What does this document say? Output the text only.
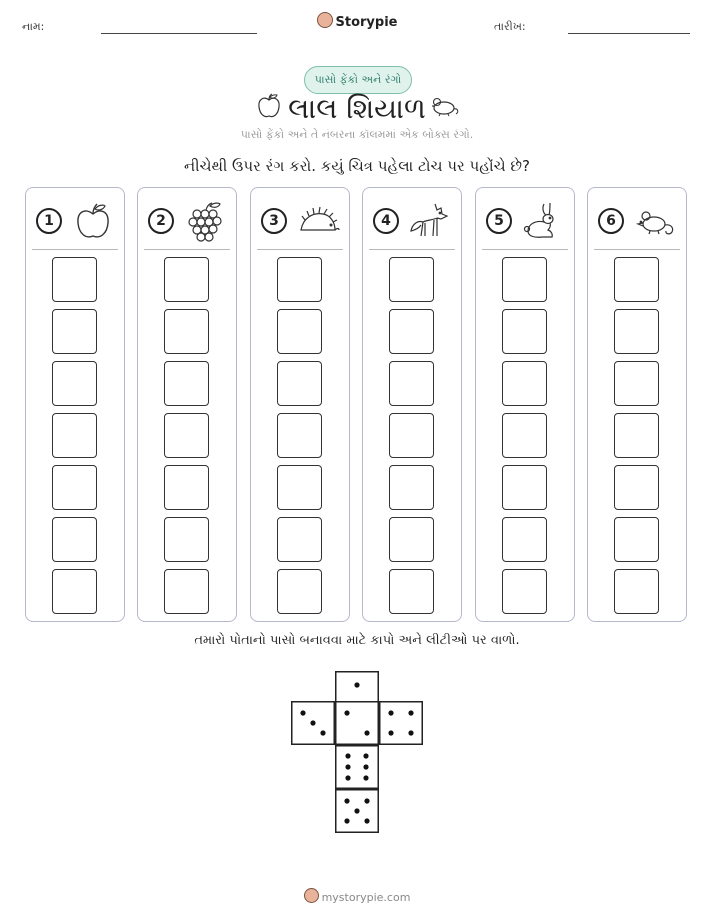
નામ:	Storypie	તારીખ:
પાસો ફેંકો અને રંગો
લાલ શિયાળ
પાસો ફેંકો અને તે નંબરના કૉલમમાં એક બોક્સ રંગો.
નીચેથી ઉપર રંગ કરો. કયું ચિત્ર પહેલા ટોચ પર પહોંચે છે?
1	2	3	4	5	6
તમારો પોતાનો પાસો બનાવવા માટે કાપો અને લીટીઓ પર વાળો.
mystorypie.com
